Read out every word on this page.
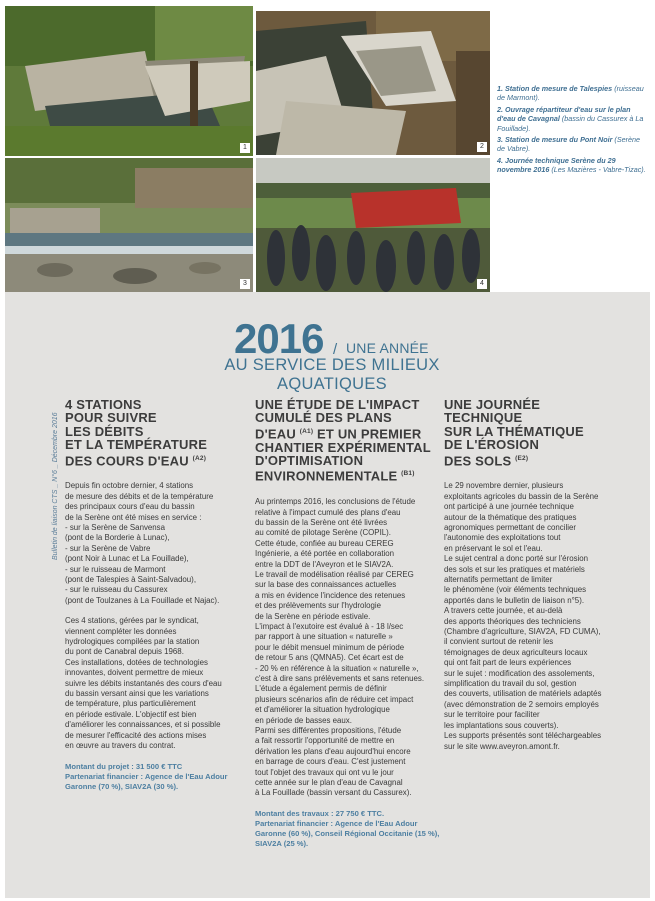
1	2
3	4
1. Station de mesure de Talespies (ruisseau de Marmont).
2. Ouvrage répartiteur d'eau sur le plan d'eau de Cavagnal (bassin du Cassurex à La Fouillade).
3. Station de mesure du Pont Noir (Serène de Vabre).
4. Journée technique Serène du 29 novembre 2016 (Les Mazières - Vabre-Tizac).
2016 / UNE ANNÉE
AU SERVICE DES MILIEUX AQUATIQUES
Bulletin de liaison CTS _ N°6 _ Décembre 2016
4 STATIONS
POUR SUIVRE
LES DÉBITS
ET LA TEMPÉRATURE
DES COURS D'EAU $^{(A2)}$

Depuis fin octobre dernier, 4 stations
de mesure des débits et de la température
des principaux cours d'eau du bassin
de la Serène ont été mises en service :
- sur la Serène de Sanvensa
(pont de la Borderie à Lunac),
- sur la Serène de Vabre
(pont Noir à Lunac et La Fouillade),
- sur le ruisseau de Marmont
(pont de Talespies à Saint-Salvadou),
- sur le ruisseau du Cassurex
(pont de Toulzanes à La Fouillade et Najac).

Ces 4 stations, gérées par le syndicat,
viennent compléter les données
hydrologiques compilées par la station
du pont de Canabral depuis 1968.
Ces installations, dotées de technologies
innovantes, doivent permettre de mieux
suivre les débits instantanés des cours d'eau
du bassin versant ainsi que les variations
de température, plus particulièrement
en période estivale. L'objectif est bien
d'améliorer les connaissances, et si possible
de mesurer l'efficacité des actions mises
en œuvre au travers du contrat.

Montant du projet : 31 500 € TTC
Partenariat financier : Agence de l'Eau Adour
Garonne (70 %), SIAV2A (30 %).
UNE ÉTUDE DE L'IMPACT
CUMULÉ DES PLANS
D'EAU $^{(A1)}$ ET UN PREMIER
CHANTIER EXPÉRIMENTAL
D'OPTIMISATION
ENVIRONNEMENTALE $^{(B1)}$

Au printemps 2016, les conclusions de l'étude
relative à l'impact cumulé des plans d'eau
du bassin de la Serène ont été livrées
au comité de pilotage Serène (COPIL).
Cette étude, confiée au bureau CEREG
Ingénierie, a été portée en collaboration
entre la DDT de l'Aveyron et le SIAV2A.
Le travail de modélisation réalisé par CEREG
sur la base des connaissances actuelles
a mis en évidence l'incidence des retenues
et des prélèvements sur l'hydrologie
de la Serène en période estivale.
L'impact à l'exutoire est évalué à - 18 l/sec
par rapport à une situation « naturelle »
pour le débit mensuel minimum de période
de retour 5 ans (QMNA5). Cet écart est de
- 20 % en référence à la situation « naturelle »,
c'est à dire sans prélèvements et sans retenues.
L'étude a également permis de définir
plusieurs scénarios afin de réduire cet impact
et d'améliorer la situation hydrologique
en période de basses eaux.
Parmi ses différentes propositions, l'étude
a fait ressortir l'opportunité de mettre en
dérivation les plans d'eau aujourd'hui encore
en barrage de cours d'eau. C'est justement
tout l'objet des travaux qui ont vu le jour
cette année sur le plan d'eau de Cavagnal
à La Fouillade (bassin versant du Cassurex).

Montant des travaux : 27 750 € TTC.
Partenariat financier : Agence de l'Eau Adour
Garonne (60 %), Conseil Régional Occitanie (15 %),
SIAV2A (25 %).
UNE JOURNÉE
TECHNIQUE
SUR LA THÉMATIQUE
DE L'ÉROSION
DES SOLS $^{(E2)}$

Le 29 novembre dernier, plusieurs
exploitants agricoles du bassin de la Serène
ont participé à une journée technique
autour de la thématique des pratiques
agronomiques permettant de concilier
l'autonomie des exploitations tout
en préservant le sol et l'eau.
Le sujet central a donc porté sur l'érosion
des sols et sur les pratiques et matériels
alternatifs permettant de limiter
le phénomène (voir éléments techniques
apportés dans le bulletin de liaison n°5).
A travers cette journée, et au-delà
des apports théoriques des techniciens
(Chambre d'agriculture, SIAV2A, FD CUMA),
il convient surtout de retenir les
témoignages de deux agriculteurs locaux
qui ont fait part de leurs expériences
sur le sujet : modification des assolements,
simplification du travail du sol, gestion
des couverts, utilisation de matériels adaptés
(avec démonstration de 2 semoirs employés
sur le territoire pour faciliter
les implantations sous couverts).
Les supports présentés sont téléchargeables
sur le site www.aveyron.amont.fr.
